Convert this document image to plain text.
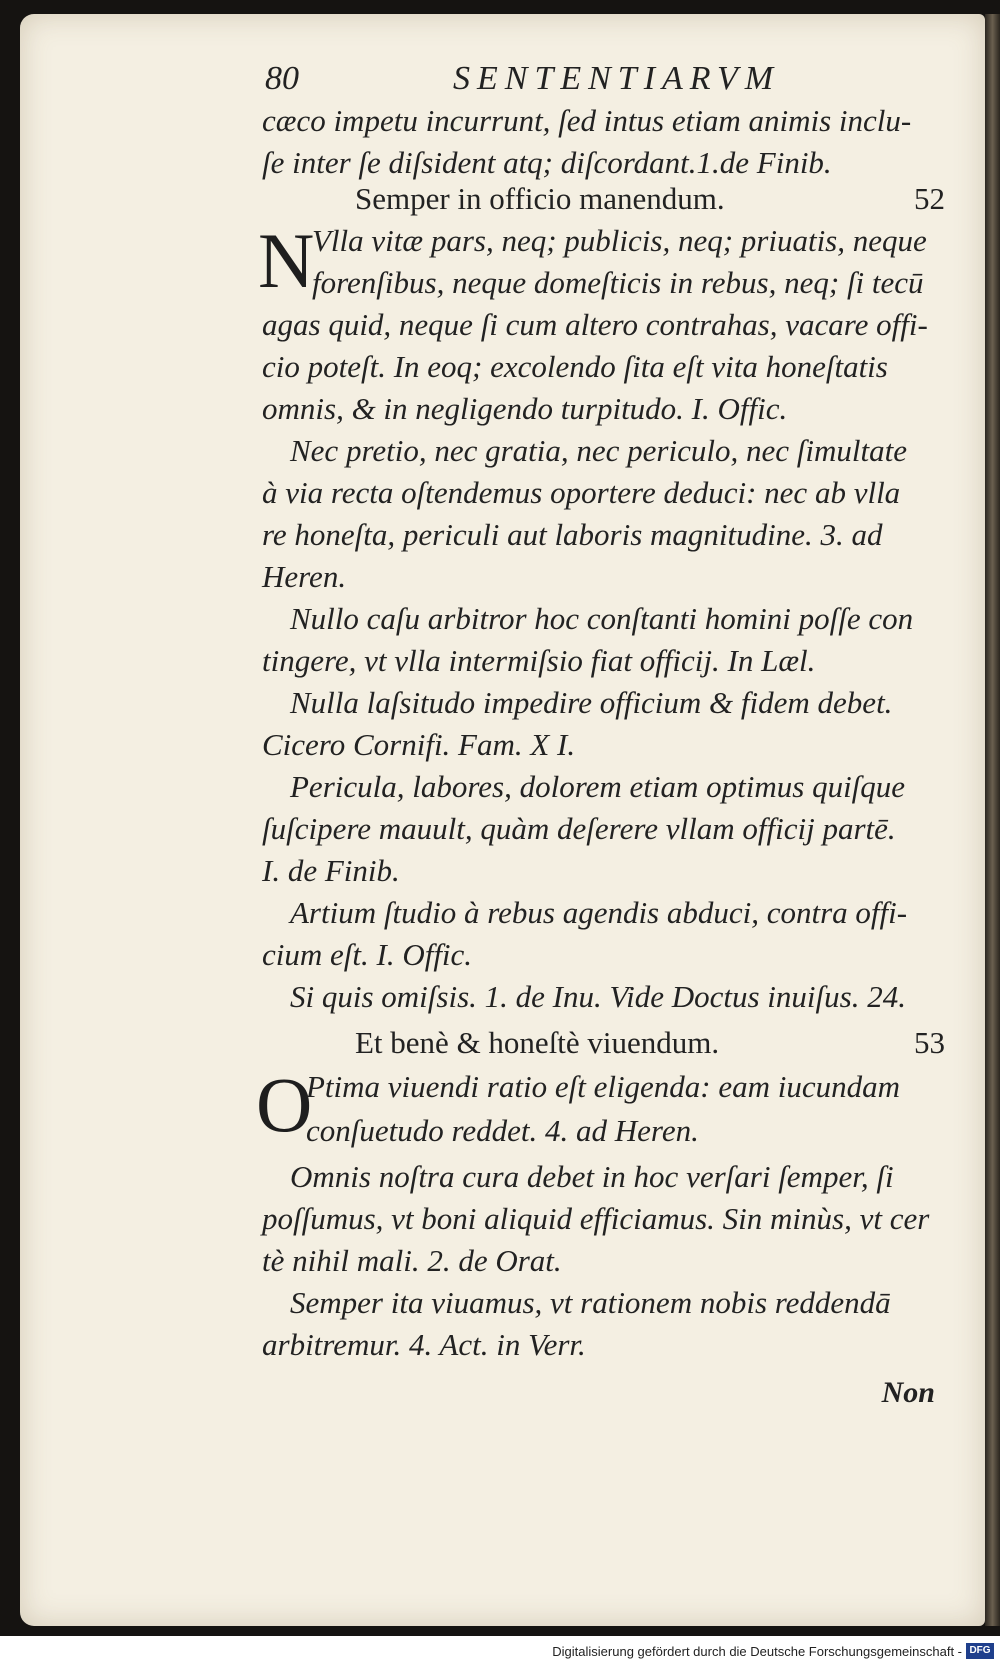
80	SENTENTIARVM
cæco impetu incurrunt, ſed intus etiam animis inclu-
ſe inter ſe diſsident atq; diſcordant.1.de Finib.
Semper in officio manendum.	52
N
Vlla vitæ pars, neq; publicis, neq; priuatis, neque
forenſibus, neque domeſticis in rebus, neq; ſi tecū
agas quid, neque ſi cum altero contrahas, vacare offi-
cio poteſt. In eoq; excolendo ſita eſt vita honeſtatis
omnis, & in negligendo turpitudo. I. Offic.
Nec pretio, nec gratia, nec periculo, nec ſimultate
à via recta oſtendemus oportere deduci: nec ab vlla
re honeſta, periculi aut laboris magnitudine. 3. ad
Heren.
Nullo caſu arbitror hoc conſtanti homini poſſe con
tingere, vt vlla intermiſsio fiat officij. In Læl.
Nulla laſsitudo impedire officium & fidem debet.
Cicero Cornifi. Fam. X I.
Pericula, labores, dolorem etiam optimus quiſque
ſuſcipere mauult, quàm deſerere vllam officij partē.
I. de Finib.
Artium ſtudio à rebus agendis abduci, contra offi-
cium eſt. I. Offic.
Si quis omiſsis. 1. de Inu. Vide Doctus inuiſus. 24.
Et benè & honeſtè viuendum.	53
O
Ptima viuendi ratio eſt eligenda: eam iucundam
conſuetudo reddet. 4. ad Heren.
Omnis noſtra cura debet in hoc verſari ſemper, ſi
poſſumus, vt boni aliquid efficiamus. Sin minùs, vt cer
tè nihil mali. 2. de Orat.
Semper ita viuamus, vt rationem nobis reddendā
arbitremur. 4. Act. in Verr.
Non
Digitalisierung gefördert durch die Deutsche Forschungsgemeinschaft - DFG
